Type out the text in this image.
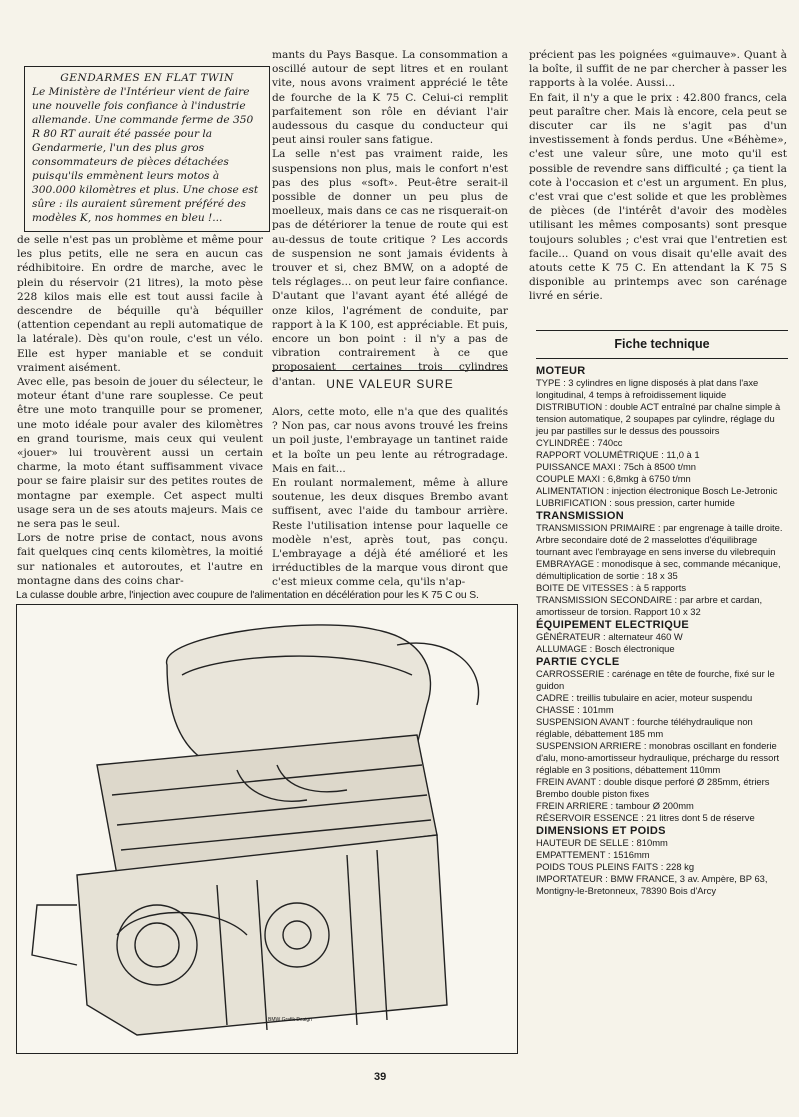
GENDARMES EN FLAT TWIN
Le Ministère de l'Intérieur vient de faire une nouvelle fois confiance à l'industrie allemande. Une commande ferme de 350 R 80 RT aurait été passée pour la Gendarmerie, l'un des plus gros consommateurs de pièces détachées puisqu'ils emmènent leurs motos à 300.000 kilomètres et plus. Une chose est sûre : ils auraient sûrement préféré des modèles K, nos hommes en bleu !...

de selle n'est pas un problème et même pour les plus petits, elle ne sera en aucun cas rédhibitoire. En ordre de marche, avec le plein du réservoir (21 litres), la moto pèse 228 kilos mais elle est tout aussi facile à descendre de béquille qu'à béquiller (attention cependant au repli automatique de la latérale). Dès qu'on roule, c'est un vélo. Elle est hyper maniable et se conduit vraiment aisément.

Avec elle, pas besoin de jouer du sélecteur, le moteur étant d'une rare souplesse. Ce peut être une moto tranquille pour se promener, une moto idéale pour avaler des kilomètres en grand tourisme, mais ceux qui veulent «jouer» lui trouvèrent aussi un certain charme, la moto étant suffisamment vivace pour se faire plaisir sur des petites routes de montagne par exemple. Cet aspect multi usage sera un de ses atouts majeurs. Mais ce ne sera pas le seul.

Lors de notre prise de contact, nous avons fait quelques cinq cents kilomètres, la moitié sur nationales et autoroutes, et l'autre en montagne dans des coins char-

mants du Pays Basque. La consommation a oscillé autour de sept litres et en roulant vite, nous avons vraiment apprécié le tête de fourche de la K 75 C. Celui-ci remplit parfaitement son rôle en déviant l'air audessous du casque du conducteur qui peut ainsi rouler sans fatigue.

La selle n'est pas vraiment raide, les suspensions non plus, mais le confort n'est pas des plus «soft». Peut-être serait-il possible de donner un peu plus de moelleux, mais dans ce cas ne risquerait-on pas de détériorer la tenue de route qui est au-dessus de toute critique ? Les accords de suspension ne sont jamais évidents à trouver et si, chez BMW, on a adopté de tels réglages... on peut leur faire confiance. D'autant que l'avant ayant été allégé de onze kilos, l'agrément de conduite, par rapport à la K 100, est appréciable. Et puis, encore un bon point : il n'y a pas de vibration contrairement à ce que proposaient certaines trois cylindres d'antan. UNE VALEUR SURE

Alors, cette moto, elle n'a que des qualités ? Non pas, car nous avons trouvé les freins un poil juste, l'embrayage un tantinet raide et la boîte un peu lente au rétrogradage. Mais en fait...

En roulant normalement, même à allure soutenue, les deux disques Brembo avant suffisent, avec l'aide du tambour arrière. Reste l'utilisation intense pour laquelle ce modèle n'est, après tout, pas conçu. L'embrayage a déjà été amélioré et les irréductibles de la marque vous diront que c'est mieux comme cela, qu'ils n'ap-

précient pas les poignées «guimauve». Quant à la boîte, il suffit de ne par chercher à passer les rapports à la volée. Aussi...

En fait, il n'y a que le prix : 42.800 francs, cela peut paraître cher. Mais là encore, cela peut se discuter car ils ne s'agit pas d'un investissement à fonds perdus. Une «Béhème», c'est une valeur sûre, une moto qu'il est possible de revendre sans difficulté ; ça tient la cote à l'occasion et c'est un argument. En plus, c'est vrai que c'est solide et que les problèmes de pièces (de l'intérêt d'avoir des modèles utilisant les mêmes composants) sont presque toujours solubles ; c'est vrai que l'entretien est facile... Quand on vous disait qu'elle avait des atouts cette K 75 C. En attendant la K 75 S disponible au printemps avec son carénage livré en série.

La culasse double arbre, l'injection avec coupure de l'alimentation en décélération pour les K 75 C ou S.
BMW Grafik Design
Fiche technique
MOTEUR
TYPE : 3 cylindres en ligne disposés à plat dans l'axe longitudinal, 4 temps à refroidissement liquide
DISTRIBUTION : double ACT entraîné par chaîne simple à tension automatique, 2 soupapes par cylindre, réglage du jeu par pastilles sur le dessus des poussoirs
CYLINDRÉE : 740cc
RAPPORT VOLUMÉTRIQUE : 11,0 à 1
PUISSANCE MAXI : 75ch à 8500 t/mn
COUPLE MAXI : 6,8mkg à 6750 t/mn
ALIMENTATION : injection électronique Bosch Le-Jetronic
LUBRIFICATION : sous pression, carter humide
TRANSMISSION
TRANSMISSION PRIMAIRE : par engrenage à taille droite. Arbre secondaire doté de 2 masselottes d'équilibrage tournant avec l'embrayage en sens inverse du vilebrequin
EMBRAYAGE : monodisque à sec, commande mécanique, démultiplication de sortie : 18 x 35
BOITE DE VITESSES : à 5 rapports
TRANSMISSION SECONDAIRE : par arbre et cardan, amortisseur de torsion. Rapport 10 x 32
ÉQUIPEMENT ELECTRIQUE
GÉNÉRATEUR : alternateur 460 W
ALLUMAGE : Bosch électronique
PARTIE CYCLE
CARROSSERIE : carénage en tête de fourche, fixé sur le guidon
CADRE : treillis tubulaire en acier, moteur suspendu
CHASSE : 101mm
SUSPENSION AVANT : fourche téléhydraulique non réglable, débattement 185 mm
SUSPENSION ARRIERE : monobras oscillant en fonderie d'alu, mono-amortisseur hydraulique, précharge du ressort réglable en 3 positions, débattement 110mm
FREIN AVANT : double disque perforé Ø 285mm, étriers Brembo double piston fixes
FREIN ARRIERE : tambour Ø 200mm
RÉSERVOIR ESSENCE : 21 litres dont 5 de réserve
DIMENSIONS ET POIDS
HAUTEUR DE SELLE : 810mm
EMPATTEMENT : 1516mm
POIDS TOUS PLEINS FAITS : 228 kg
IMPORTATEUR : BMW FRANCE, 3 av. Ampère, BP 63, Montigny-le-Bretonneux, 78390 Bois d'Arcy
39
